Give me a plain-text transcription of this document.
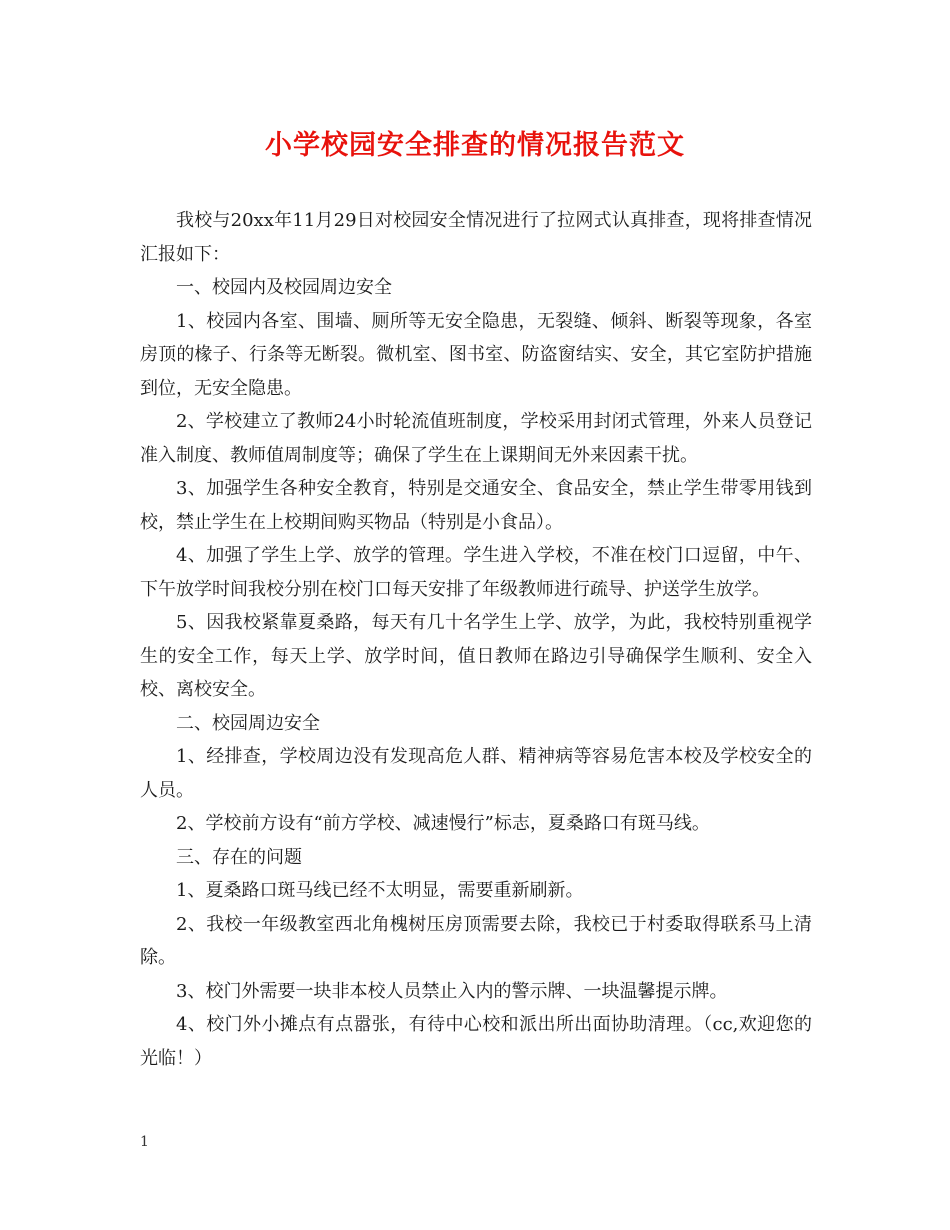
小学校园安全排查的情况报告范文

我校与20xx年11月29日对校园安全情况进行了拉网式认真排查，现将排查情况汇报如下：

一、校园内及校园周边安全

1、校园内各室、围墙、厕所等无安全隐患，无裂缝、倾斜、断裂等现象，各室房顶的椽子、行条等无断裂。微机室、图书室、防盗窗结实、安全，其它室防护措施到位，无安全隐患。

2、学校建立了教师24小时轮流值班制度，学校采用封闭式管理，外来人员登记准入制度、教师值周制度等；确保了学生在上课期间无外来因素干扰。

3、加强学生各种安全教育，特别是交通安全、食品安全，禁止学生带零用钱到校，禁止学生在上校期间购买物品（特别是小食品）。

4、加强了学生上学、放学的管理。学生进入学校，不准在校门口逗留，中午、下午放学时间我校分别在校门口每天安排了年级教师进行疏导、护送学生放学。

5、因我校紧靠夏桑路，每天有几十名学生上学、放学，为此，我校特别重视学生的安全工作，每天上学、放学时间，值日教师在路边引导确保学生顺利、安全入校、离校安全。

二、校园周边安全

1、经排查，学校周边没有发现高危人群、精神病等容易危害本校及学校安全的人员。

2、学校前方设有“前方学校、减速慢行”标志，夏桑路口有斑马线。

三、存在的问题

1、夏桑路口斑马线已经不太明显，需要重新刷新。

2、我校一年级教室西北角槐树压房顶需要去除，我校已于村委取得联系马上清除。

3、校门外需要一块非本校人员禁止入内的警示牌、一块温馨提示牌。

4、校门外小摊点有点嚣张，有待中心校和派出所出面协助清理。（cc,欢迎您的光临！）

1
